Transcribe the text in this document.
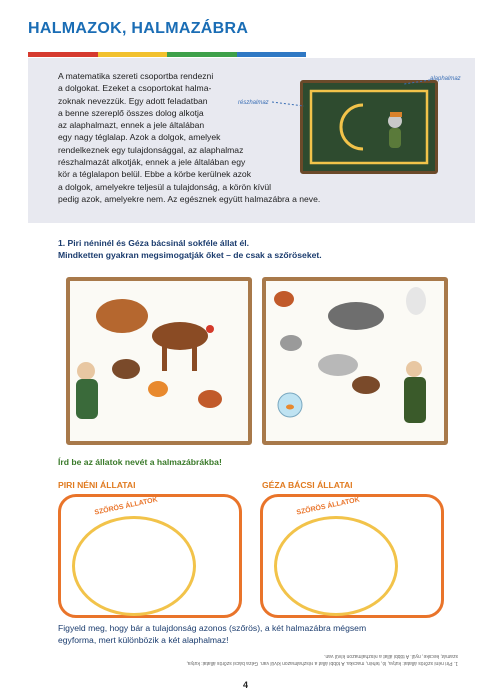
HALMAZOK, HALMAZÁBRA
A matematika szereti csoportba rendezni
a dolgokat. Ezeket a csoportokat halma-
zoknak nevezzük. Egy adott feladatban
a benne szereplő összes dolog alkotja
az alaphalmazt, ennek a jele általában
egy nagy téglalap. Azok a dolgok, amelyek
rendelkeznek egy tulajdonsággal, az alaphalmaz
részhalmazát alkotják, ennek a jele általában egy
kör a téglalapon belül. Ebbe a körbe kerülnek azok
a dolgok, amelyekre teljesül a tulajdonság, a körön kívül
pedig azok, amelyekre nem. Az egésznek együtt halmazábra a neve.
alaphalmaz
részhalmaz
1. Piri néninél és Géza bácsinál sokféle állat él.
Mindketten gyakran megsimogatják őket – de csak a szőröseket.
Írd be az állatok nevét a halmazábrákba!
PIRI NÉNI ÁLLATAI	GÉZA BÁCSI ÁLLATAI
SZŐRÖS ÁLLATOK	SZŐRÖS ÁLLATOK
Figyeld meg, hogy bár a tulajdonság azonos (szőrös), a két halmazábra mégsem
egyforma, mert különbözik a két alaphalmaz!
1. Piri néni szőrös állatai: kutya, ló, tehén, macska. A többi állat a részhalmazon kívül van. Géza bácsi szőrös állatai: kutya,
szamár, kecske, nyúl. A többi állat a részhalmazon kívül van.
4
